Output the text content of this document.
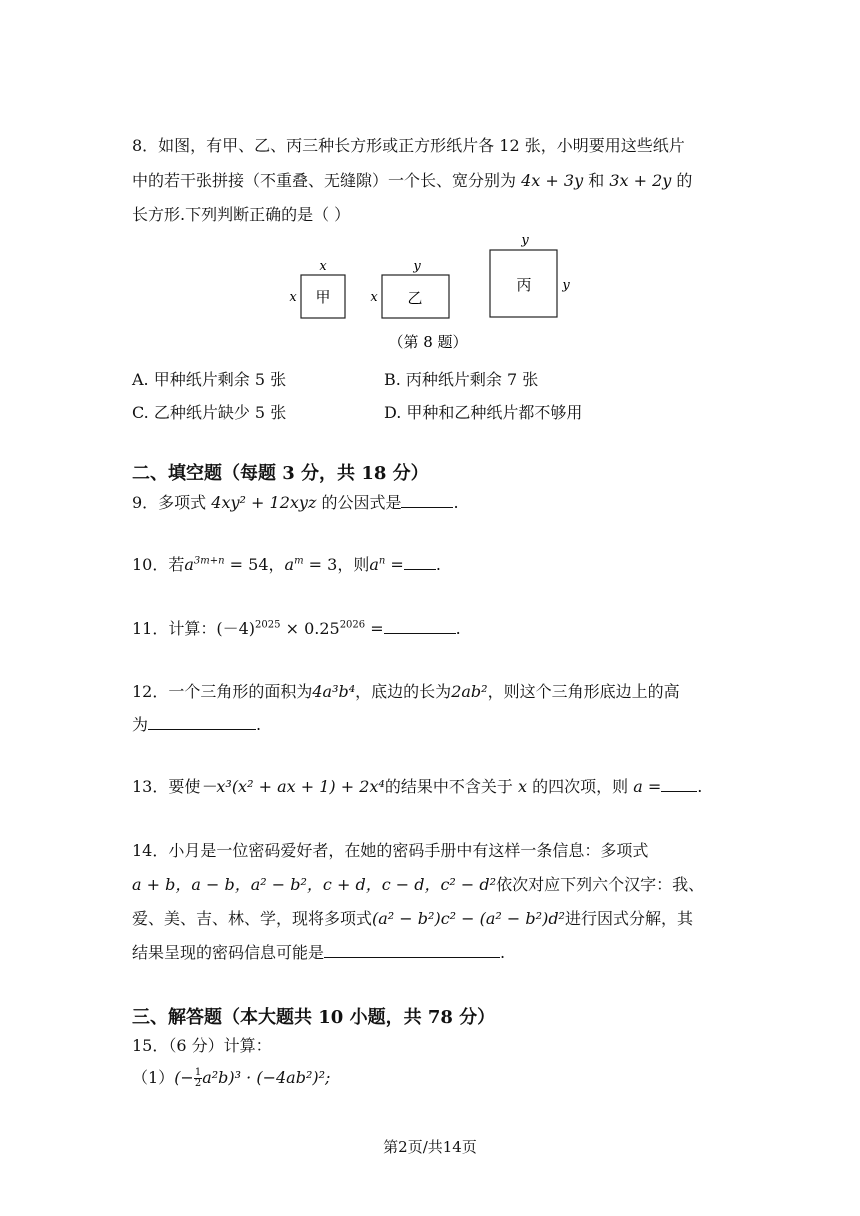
8．如图，有甲、乙、丙三种长方形或正方形纸片各 12 张，小明要用这些纸片
中的若干张拼接（不重叠、无缝隙）一个长、宽分别为 4x + 3y 和 3x + 2y 的
长方形.下列判断正确的是（ ）
甲
x
x	乙
y
x
丙
y
y
（第 8 题）
A. 甲种纸片剩余 5 张	B. 丙种纸片剩余 7 张
C. 乙种纸片缺少 5 张	D. 甲种和乙种纸片都不够用
二、填空题（每题 3 分，共 18 分）
9．多项式 4xy² + 12xyz 的公因式是	.
10．若$a^{3m+n} = 54$，$a^m = 3$，则$a^n$ = .
11．计算：$(-4)^{2025} \times 0.25^{2026}$ =	.
12．一个三角形的面积为4a³b⁴，底边的长为2ab²，则这个三角形底边上的高
为	.
13．要使－x³(x² + ax + 1) + 2x⁴的结果中不含关于 x 的四次项，则 a = .
14．小月是一位密码爱好者，在她的密码手册中有这样一条信息：多项式
a + b，a − b，a² − b²，c + d，c − d，c² − d²依次对应下列六个汉字：我、
爱、美、吉、林、学，现将多项式(a² − b²)c² − (a² − b²)d²进行因式分解，其
结果呈现的密码信息可能是	.
三、解答题（本大题共 10 小题，共 78 分）
15．（6 分）计算：
$(1)(- \frac{1}{2} a^2b)^3 \cdot (-4ab^2)^2$;
第2页/共14页
